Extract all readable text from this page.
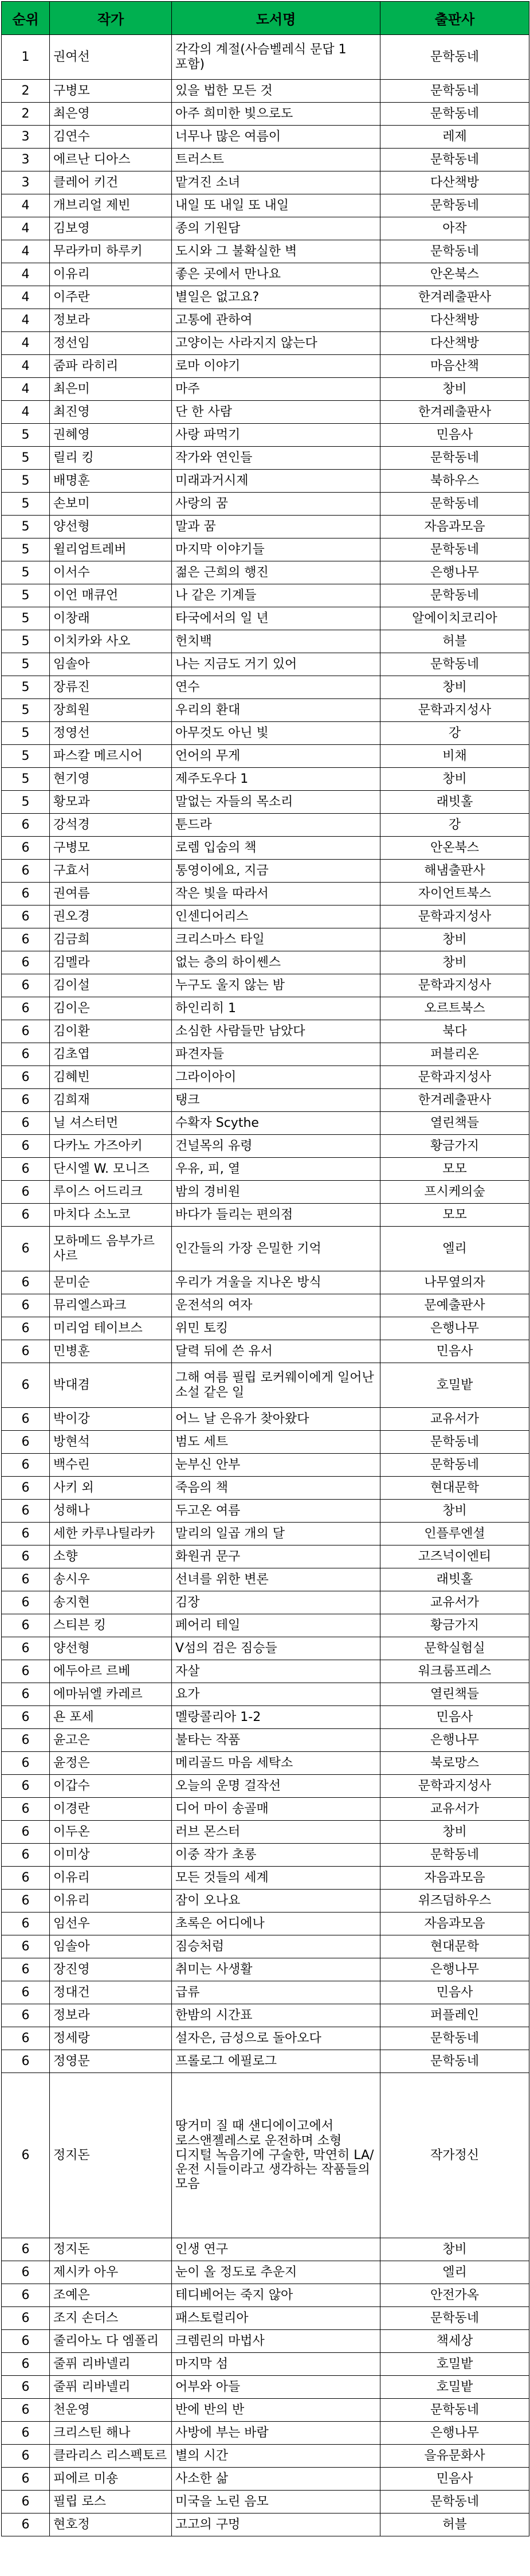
순위	작가	도서명	출판사
1	권여선	각각의 계절(사슴벨레식 문답 1 포함)	문학동네
2	구병모	있을 법한 모든 것	문학동네
2	최은영	아주 희미한 빛으로도	문학동네
3	김연수	너무나 많은 여름이	레제
3	에르난 디아스	트러스트	문학동네
3	클레어 키건	맡겨진 소녀	다산책방
4	개브리얼 제빈	내일 또 내일 또 내일	문학동네
4	김보영	종의 기원담	아작
4	무라카미 하루키	도시와 그 불확실한 벽	문학동네
4	이유리	좋은 곳에서 만나요	안온북스
4	이주란	별일은 없고요?	한겨레출판사
4	정보라	고통에 관하여	다산책방
4	정선임	고양이는 사라지지 않는다	다산책방
4	줌파 라히리	로마 이야기	마음산책
4	최은미	마주	창비
4	최진영	단 한 사람	한겨레출판사
5	권혜영	사랑 파먹기	민음사
5	릴리 킹	작가와 연인들	문학동네
5	배명훈	미래과거시제	북하우스
5	손보미	사랑의 꿈	문학동네
5	양선형	말과 꿈	자음과모음
5	윌리엄트레버	마지막 이야기들	문학동네
5	이서수	젊은 근희의 행진	은행나무
5	이언 매큐언	나 같은 기계들	문학동네
5	이창래	타국에서의 일 년	알에이치코리아
5	이치카와 사오	헌치백	허블
5	임솔아	나는 지금도 거기 있어	문학동네
5	장류진	연수	창비
5	장희원	우리의 환대	문학과지성사
5	정영선	아무것도 아닌 빛	강
5	파스칼 메르시어	언어의 무게	비채
5	현기영	제주도우다 1	창비
5	황모과	말없는 자들의 목소리	래빗홀
6	강석경	툰드라	강
6	구병모	로렘 입숨의 책	안온북스
6	구효서	통영이에요, 지금	해냄출판사
6	권여름	작은 빛을 따라서	자이언트북스
6	권오경	인센디어리스	문학과지성사
6	김금희	크리스마스 타일	창비
6	김멜라	없는 층의 하이쎈스	창비
6	김이설	누구도 울지 않는 밤	문학과지성사
6	김이은	하인리히 1	오르트북스
6	김이환	소심한 사람들만 남았다	북다
6	김초엽	파견자들	퍼블리온
6	김혜빈	그라이아이	문학과지성사
6	김희재	탱크	한겨레출판사
6	닐 셔스터먼	수확자 Scythe	열린책들
6	다카노 가즈아키	건널목의 유령	황금가지
6	단시엘 W. 모니즈	우유, 피, 열	모모
6	루이스 어드리크	밤의 경비원	프시케의숲
6	마치다 소노코	바다가 들리는 편의점	모모
6	모하메드 음부가르 사르	인간들의 가장 은밀한 기억	엘리
6	문미순	우리가 겨울을 지나온 방식	나무옆의자
6	뮤리엘스파크	운전석의 여자	문예출판사
6	미리엄 테이브스	위민 토킹	은행나무
6	민병훈	달력 뒤에 쓴 유서	민음사
6	박대겸	그해 여름 필립 로커웨이에게 일어난 소설 같은 일	호밀밭
6	박이강	어느 날 은유가 찾아왔다	교유서가
6	방현석	범도 세트	문학동네
6	백수린	눈부신 안부	문학동네
6	사키 외	죽음의 책	현대문학
6	성해나	두고온 여름	창비
6	세한 카루나틸라카	말리의 일곱 개의 달	인플루엔셜
6	소향	화원귀 문구	고즈넉이엔티
6	송시우	선녀를 위한 변론	래빗홀
6	송지현	김장	교유서가
6	스티븐 킹	페어리 테일	황금가지
6	양선형	V섬의 검은 짐승들	문학실험실
6	에두아르 르베	자살	워크룸프레스
6	에마뉘엘 카레르	요가	열린책들
6	욘 포세	멜랑콜리아 1-2	민음사
6	윤고은	불타는 작품	은행나무
6	윤정은	메리골드 마음 세탁소	북로망스
6	이갑수	오늘의 운명 걸작선	문학과지성사
6	이경란	디어 마이 송골매	교유서가
6	이두온	러브 몬스터	창비
6	이미상	이중 작가 초롱	문학동네
6	이유리	모든 것들의 세계	자음과모음
6	이유리	잠이 오나요	위즈덤하우스
6	임선우	초록은 어디에나	자음과모음
6	임솔아	짐승처럼	현대문학
6	장진영	취미는 사생활	은행나무
6	정대건	급류	민음사
6	정보라	한밤의 시간표	퍼플레인
6	정세랑	설자은, 금성으로 돌아오다	문학동네
6	정영문	프롤로그 에필로그	문학동네
6	정지돈	땅거미 질 때 샌디에이고에서 로스앤젤레스로 운전하며 소형 디지털 녹음기에 구술한, 막연히 LA/운전 시들이라고 생각하는 작품들의 모음	작가정신
6	정지돈	인생 연구	창비
6	제시카 아우	눈이 올 정도로 추운지	엘리
6	조예은	테디베어는 죽지 않아	안전가옥
6	조지 손더스	패스토럴리아	문학동네
6	줄리아노 다 엠폴리	크렘린의 마법사	책세상
6	줄퓌 리바넬리	마지막 섬	호밀밭
6	줄퓌 리바넬리	어부와 아들	호밀밭
6	천운영	반에 반의 반	문학동네
6	크리스틴 해나	사방에 부는 바람	은행나무
6	클라리스 리스펙토르	별의 시간	을유문화사
6	피에르 미숑	사소한 삶	민음사
6	필립 로스	미국을 노린 음모	문학동네
6	현호정	고고의 구멍	허블
